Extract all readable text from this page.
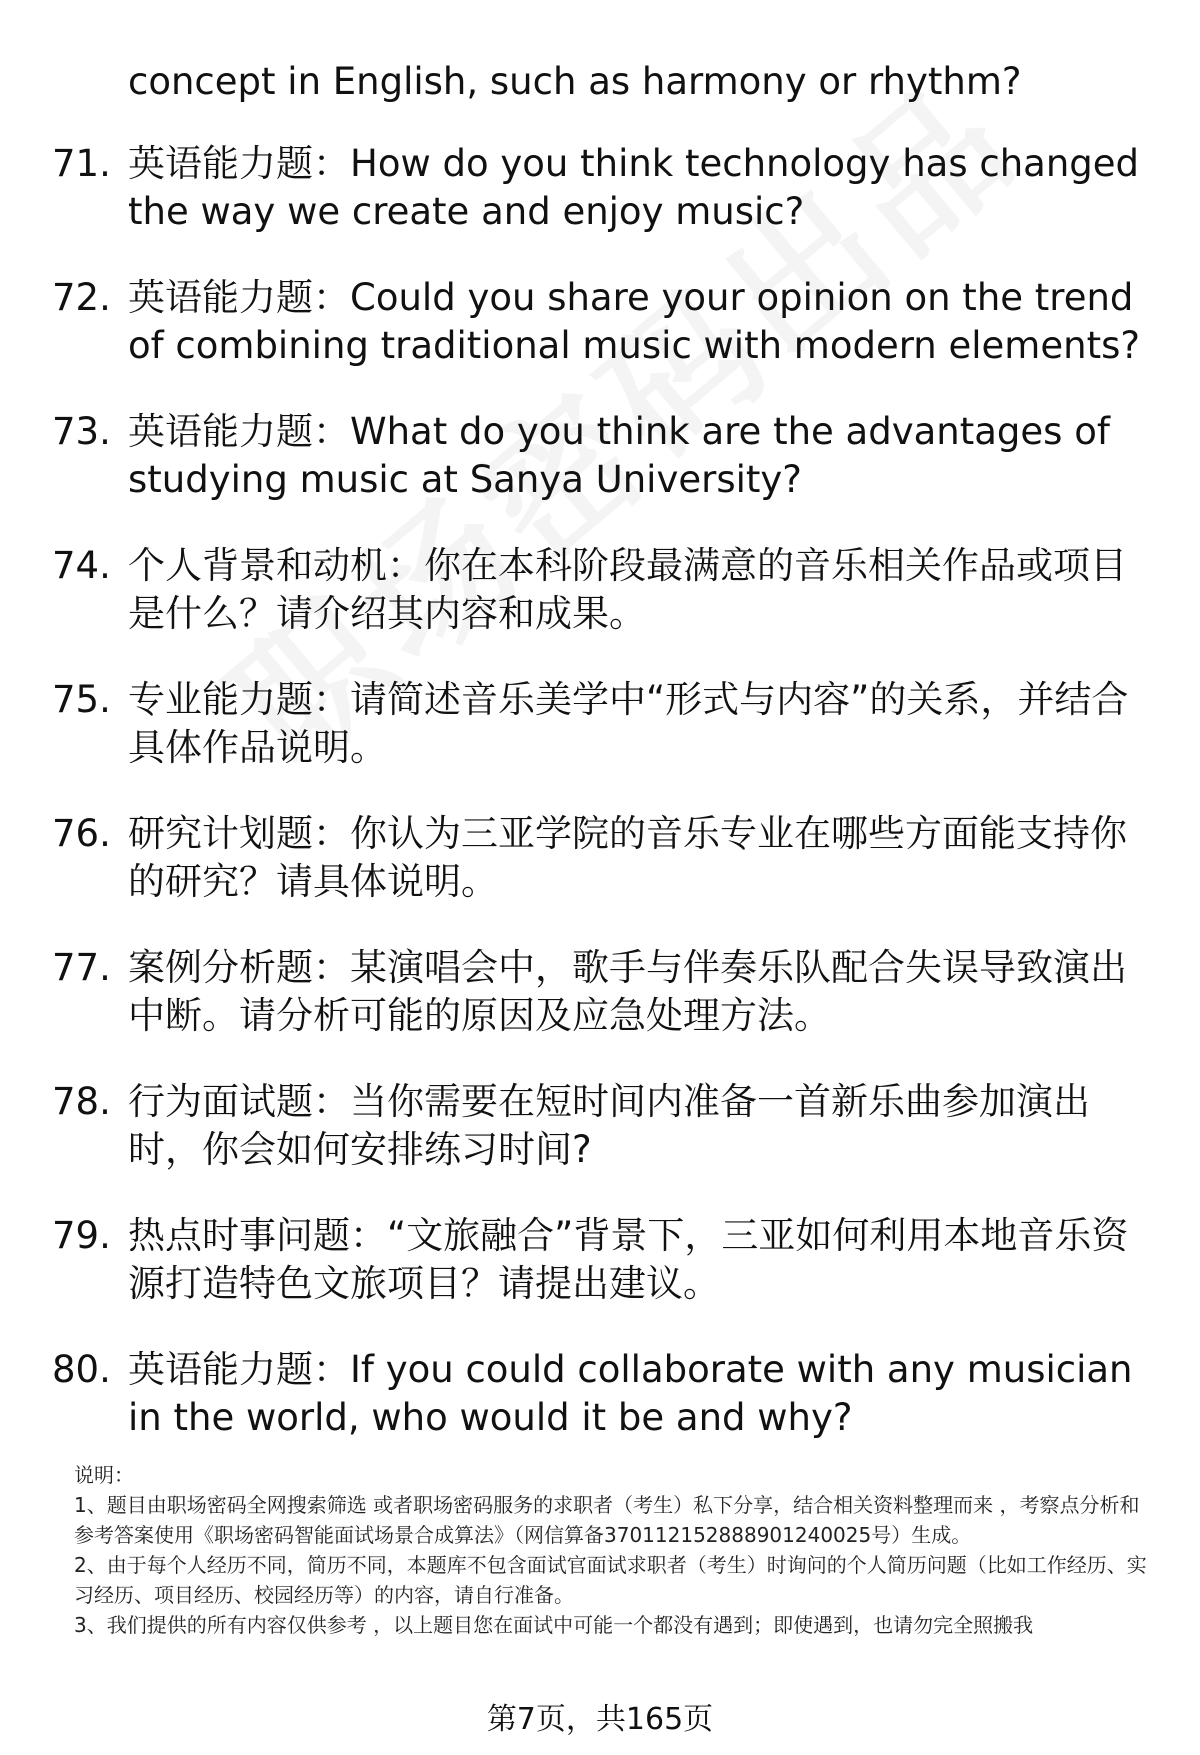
concept in English, such as harmony or rhythm?
71. 英语能力题：How do you think technology has changed the way we create and enjoy music?
72. 英语能力题：Could you share your opinion on the trend of combining traditional music with modern elements?
73. 英语能力题：What do you think are the advantages of studying music at Sanya University?
74. 个人背景和动机：你在本科阶段最满意的音乐相关作品或项目是什么？请介绍其内容和成果。
75. 专业能力题：请简述音乐美学中“形式与内容”的关系，并结合具体作品说明。
76. 研究计划题：你认为三亚学院的音乐专业在哪些方面能支持你的研究？请具体说明。
77. 案例分析题：某演唱会中，歌手与伴奏乐队配合失误导致演出中断。请分析可能的原因及应急处理方法。
78. 行为面试题：当你需要在短时间内准备一首新乐曲参加演出时，你会如何安排练习时间?
79. 热点时事问题：“文旅融合”背景下，三亚如何利用本地音乐资源打造特色文旅项目？请提出建议。
80. 英语能力题：If you could collaborate with any musician in the world, who would it be and why?

说明：

1、题目由职场密码全网搜索筛选 或者职场密码服务的求职者（考生）私下分享，结合相关资料整理而来 ，考察点分析和参考答案使用《职场密码智能面试场景合成算法》（网信算备370112152888901240025号）生成。

2、由于每个人经历不同，简历不同，本题库不包含面试官面试求职者（考生）时询问的个人简历问题（比如工作经历、实习经历、项目经历、校园经历等）的内容，请自行准备。

3、我们提供的所有内容仅供参考 ，以上题目您在面试中可能一个都没有遇到；即使遇到，也请勿完全照搬我

第7页，共165页
